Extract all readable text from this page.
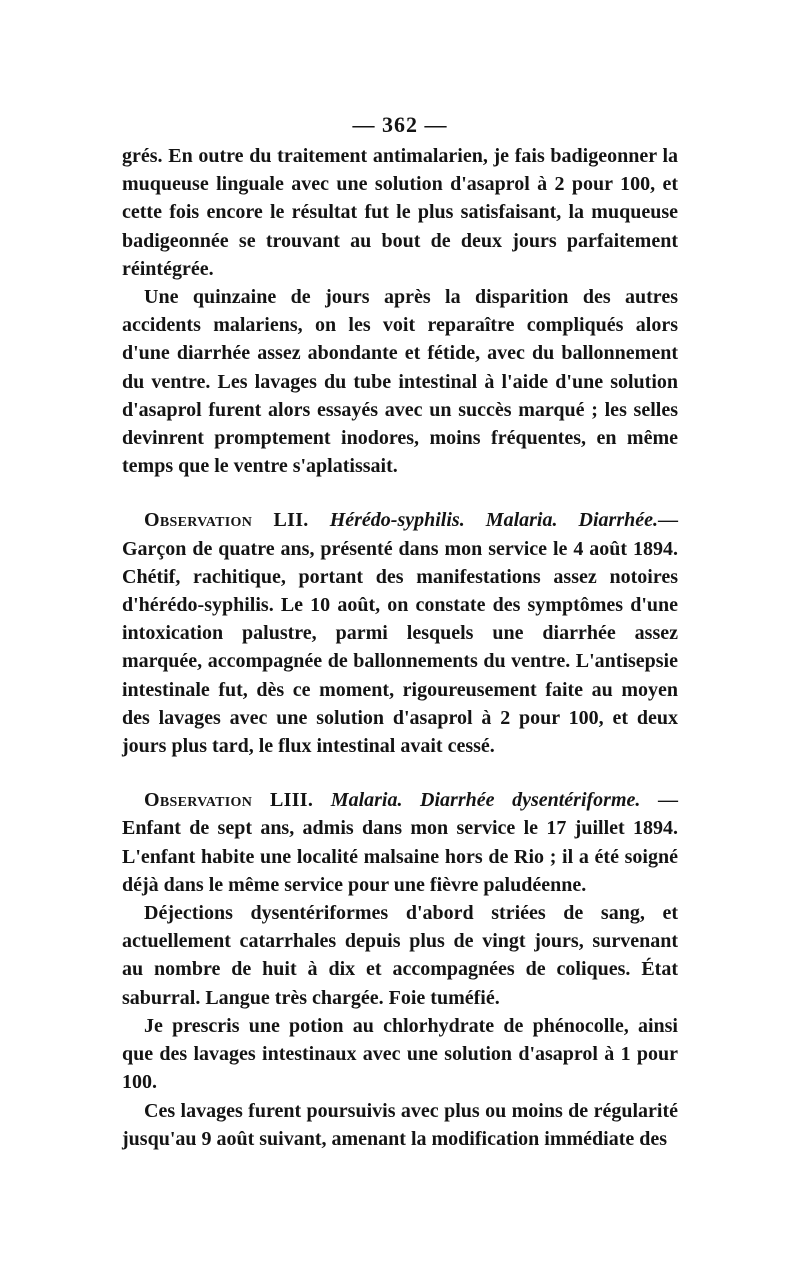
— 362 —

grés. En outre du traitement antimalarien, je fais badigeonner la muqueuse linguale avec une solution d'asaprol à 2 pour 100, et cette fois encore le résultat fut le plus satisfaisant, la muqueuse badigeonnée se trouvant au bout de deux jours parfaitement réintégrée.

Une quinzaine de jours après la disparition des autres accidents malariens, on les voit reparaître compliqués alors d'une diarrhée assez abondante et fétide, avec du ballonnement du ventre. Les lavages du tube intestinal à l'aide d'une solution d'asaprol furent alors essayés avec un succès marqué ; les selles devinrent promptement inodores, moins fréquentes, en même temps que le ventre s'aplatissait.

Observation LII. Hérédo-syphilis. Malaria. Diarrhée.— Garçon de quatre ans, présenté dans mon service le 4 août 1894. Chétif, rachitique, portant des manifestations assez notoires d'hérédo-syphilis. Le 10 août, on constate des symptômes d'une intoxication palustre, parmi lesquels une diarrhée assez marquée, accompagnée de ballonnements du ventre. L'antisepsie intestinale fut, dès ce moment, rigoureusement faite au moyen des lavages avec une solution d'asaprol à 2 pour 100, et deux jours plus tard, le flux intestinal avait cessé.

Observation LIII. Malaria. Diarrhée dysentériforme. — Enfant de sept ans, admis dans mon service le 17 juillet 1894. L'enfant habite une localité malsaine hors de Rio ; il a été soigné déjà dans le même service pour une fièvre paludéenne.

Déjections dysentériformes d'abord striées de sang, et actuellement catarrhales depuis plus de vingt jours, survenant au nombre de huit à dix et accompagnées de coliques. État saburral. Langue très chargée. Foie tuméfié.

Je prescris une potion au chlorhydrate de phénocolle, ainsi que des lavages intestinaux avec une solution d'asaprol à 1 pour 100.

Ces lavages furent poursuivis avec plus ou moins de régularité jusqu'au 9 août suivant, amenant la modification immédiate des
